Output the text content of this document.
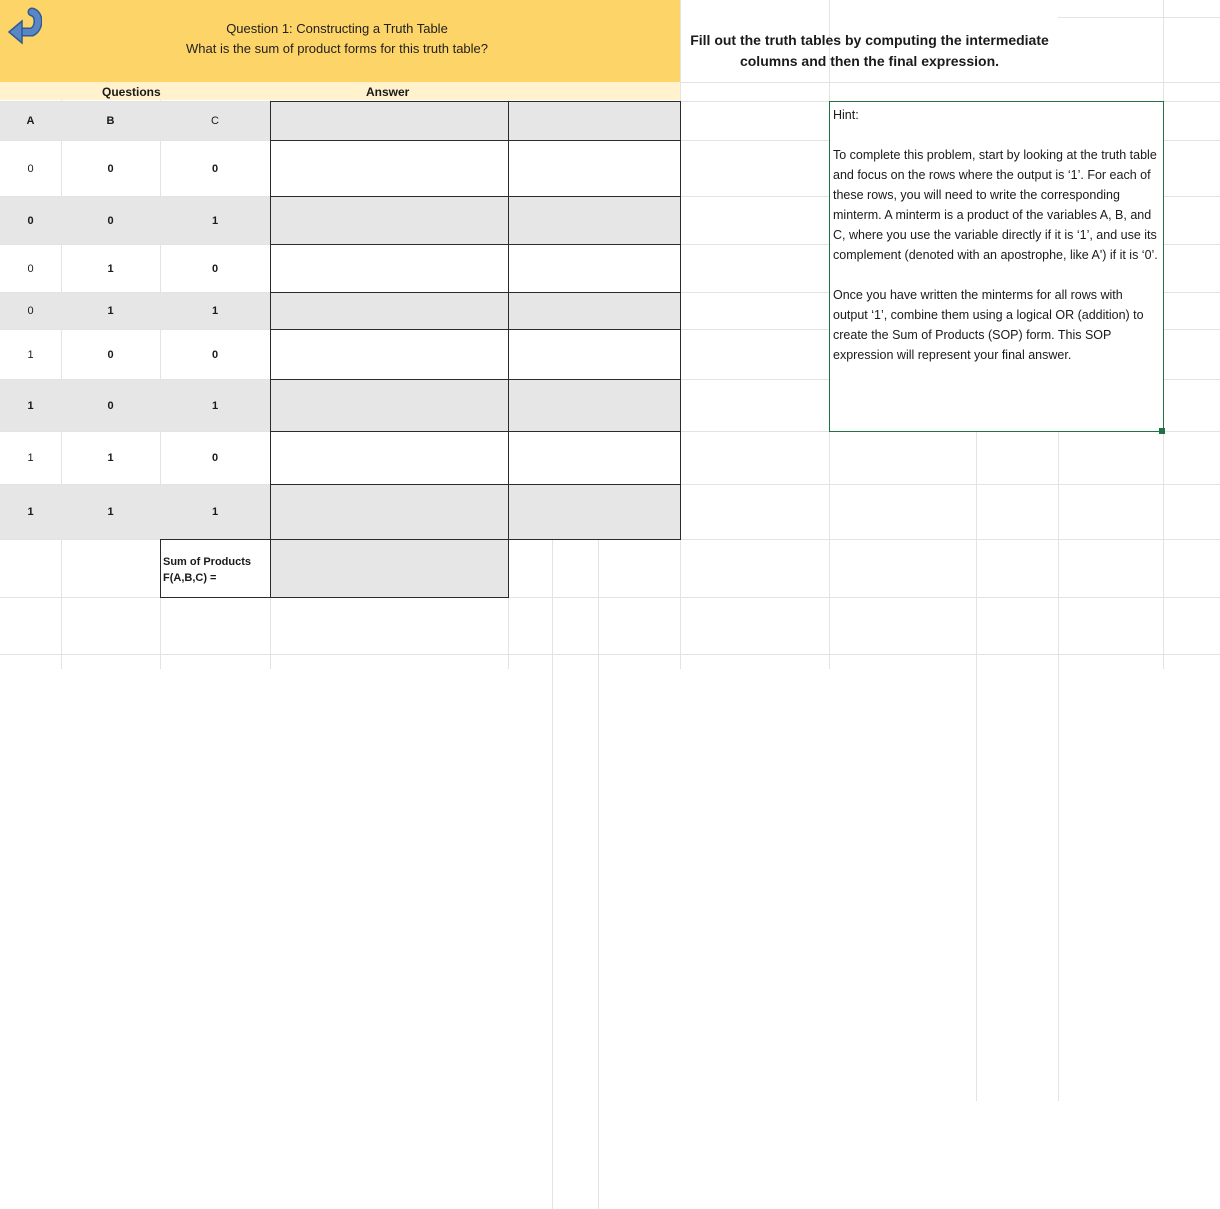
Question 1: Constructing a Truth Table
What is the sum of product forms for this truth table?
Fill out the truth tables by computing the intermediate columns and then the final expression.
Questions	Answer
A	B	C
0	0	0
0	0	1
0	1	0
0	1	1
1	0	0
1	0	1
1	1	0
1	1	1
Sum of Products
F(A,B,C) =

Hint:

To complete this problem, start by looking at the truth table and focus on the rows where the output is ‘1’. For each of these rows, you will need to write the corresponding minterm. A minterm is a product of the variables A, B, and C, where you use the variable directly if it is ‘1’, and use its complement (denoted with an apostrophe, like A') if it is ‘0’.

Once you have written the minterms for all rows with output ‘1’, combine them using a logical OR (addition) to create the Sum of Products (SOP) form. This SOP expression will represent your final answer.
